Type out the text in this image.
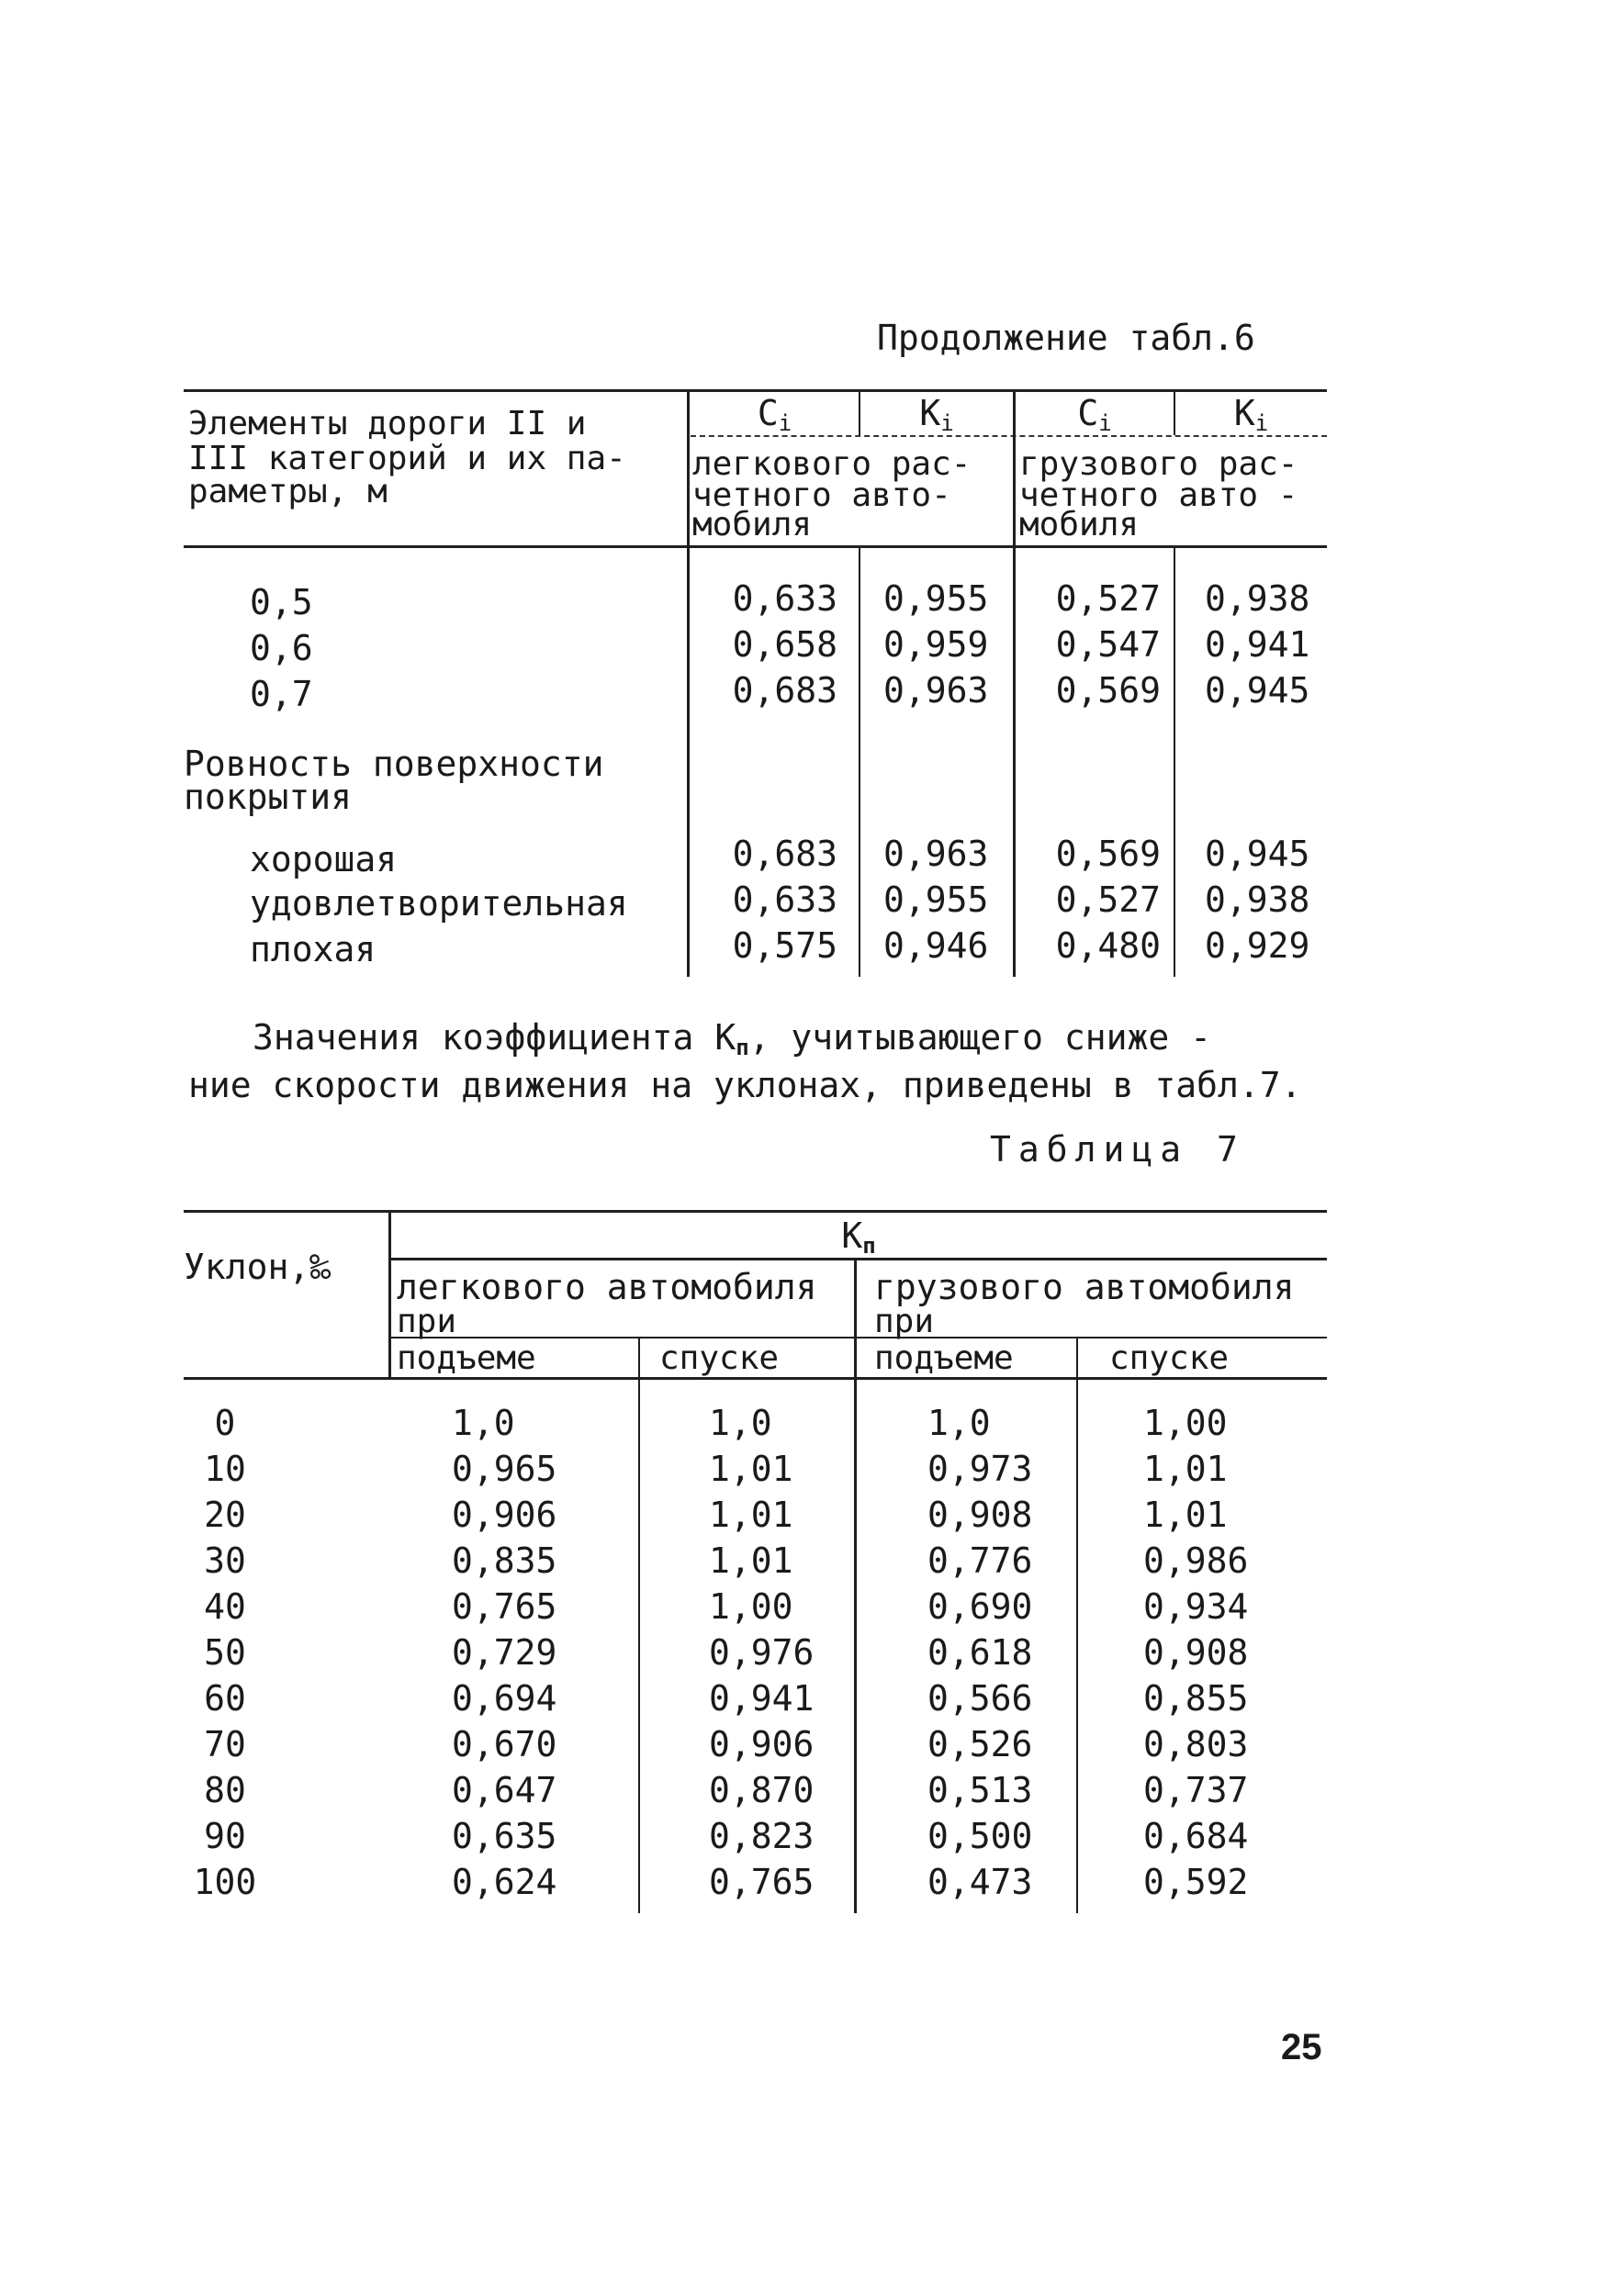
Продолжение табл.6
Элементы дороги II и
III категорий и их па-
раметры, м
$C_i$	$K_i$	$C_i$	$K_i$
легкового рас-
четного авто-
мобиля
грузового рас-
четного авто -
мобиля
0,5	0,633 0,955	0,527 0,938
0,6	0,658 0,959	0,547 0,941
0,7	0,683 0,963	0,569 0,945
Ровность поверхности
покрытия
хорошая	0,683 0,963	0,569 0,945
удовлетворительная	0,633 0,955	0,527 0,938
плохая	0,575 0,946	0,480 0,929
Значения коэффициента $K_п$, учитывающего сниже -
ние скорости движения на уклонах, приведены в табл.7.
Таблица 7
Уклон,‰
$K_п$
легкового автомобиля
при
грузового автомобиля
при
подъеме	спуске	подъеме	спуске
0	1,0	1,0	1,0	1,00
10	0,965	1,01	0,973	1,01
20	0,906	1,01	0,908	1,01
30	0,835	1,01	0,776	0,986
40	0,765	1,00	0,690	0,934
50	0,729	0,976	0,618	0,908
60	0,694	0,941	0,566	0,855
70	0,670	0,906	0,526	0,803
80	0,647	0,870	0,513	0,737
90	0,635	0,823	0,500	0,684
100	0,624	0,765	0,473	0,592
25
